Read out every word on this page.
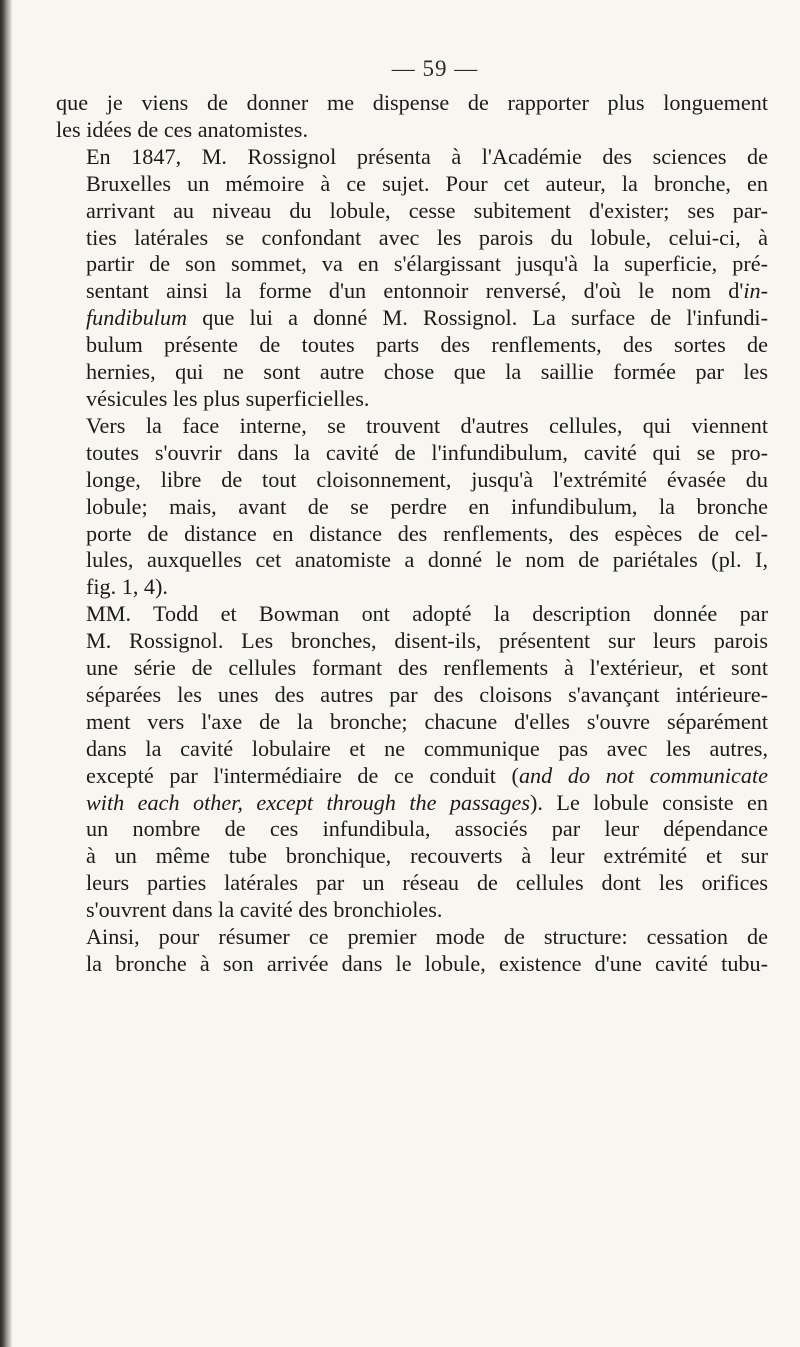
— 59 —

que je viens de donner me dispense de rapporter plus longuement
les idées de ces anatomistes.

En 1847, M. Rossignol présenta à l'Académie des sciences de
Bruxelles un mémoire à ce sujet. Pour cet auteur, la bronche, en
arrivant au niveau du lobule, cesse subitement d'exister; ses par-
ties latérales se confondant avec les parois du lobule, celui-ci, à
partir de son sommet, va en s'élargissant jusqu'à la superficie, pré-
sentant ainsi la forme d'un entonnoir renversé, d'où le nom d'in-
fundibulum que lui a donné M. Rossignol. La surface de l'infundi-
bulum présente de toutes parts des renflements, des sortes de
hernies, qui ne sont autre chose que la saillie formée par les
vésicules les plus superficielles.

Vers la face interne, se trouvent d'autres cellules, qui viennent
toutes s'ouvrir dans la cavité de l'infundibulum, cavité qui se pro-
longe, libre de tout cloisonnement, jusqu'à l'extrémité évasée du
lobule; mais, avant de se perdre en infundibulum, la bronche
porte de distance en distance des renflements, des espèces de cel-
lules, auxquelles cet anatomiste a donné le nom de pariétales (pl. I,
fig. 1, 4).

MM. Todd et Bowman ont adopté la description donnée par
M. Rossignol. Les bronches, disent-ils, présentent sur leurs parois
une série de cellules formant des renflements à l'extérieur, et sont
séparées les unes des autres par des cloisons s'avançant intérieure-
ment vers l'axe de la bronche; chacune d'elles s'ouvre séparément
dans la cavité lobulaire et ne communique pas avec les autres,
excepté par l'intermédiaire de ce conduit (and do not communicate
with each other, except through the passages). Le lobule consiste en
un nombre de ces infundibula, associés par leur dépendance
à un même tube bronchique, recouverts à leur extrémité et sur
leurs parties latérales par un réseau de cellules dont les orifices
s'ouvrent dans la cavité des bronchioles.

Ainsi, pour résumer ce premier mode de structure: cessation de
la bronche à son arrivée dans le lobule, existence d'une cavité tubu-
